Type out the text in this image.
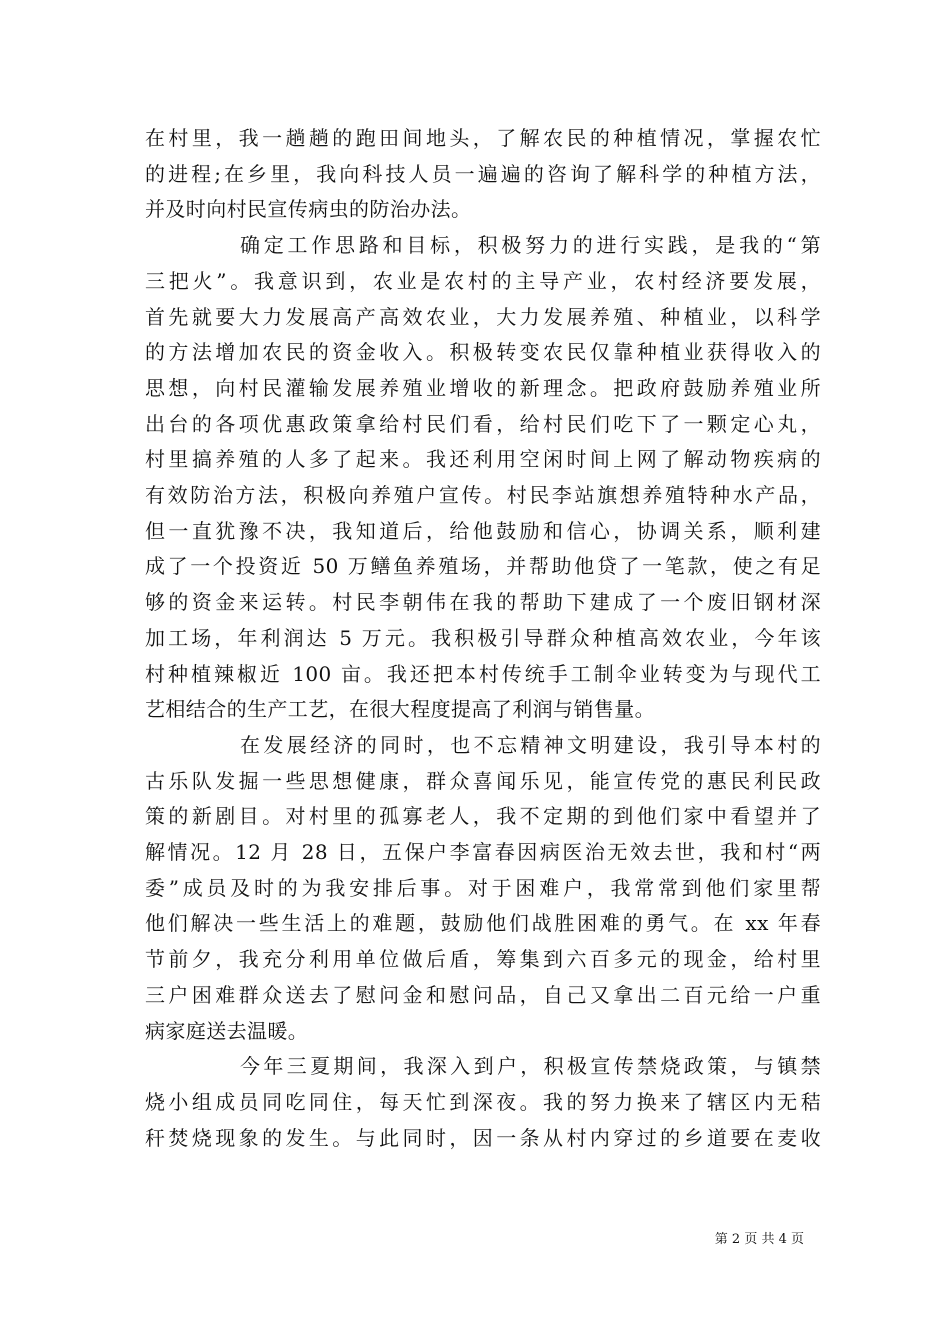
在村里，我一趟趟的跑田间地头，了解农民的种植情况，掌握农忙
的进程;在乡里，我向科技人员一遍遍的咨询了解科学的种植方法，
并及时向村民宣传病虫的防治办法。

确定工作思路和目标，积极努力的进行实践，是我的“第
三把火”。我意识到，农业是农村的主导产业，农村经济要发展，
首先就要大力发展高产高效农业，大力发展养殖、种植业，以科学
的方法增加农民的资金收入。积极转变农民仅靠种植业获得收入的
思想，向村民灌输发展养殖业增收的新理念。把政府鼓励养殖业所
出台的各项优惠政策拿给村民们看，给村民们吃下了一颗定心丸，
村里搞养殖的人多了起来。我还利用空闲时间上网了解动物疾病的
有效防治方法，积极向养殖户宣传。村民李站旗想养殖特种水产品，
但一直犹豫不决，我知道后，给他鼓励和信心，协调关系，顺利建
成了一个投资近 50 万鳝鱼养殖场，并帮助他贷了一笔款，使之有足
够的资金来运转。村民李朝伟在我的帮助下建成了一个废旧钢材深
加工场，年利润达 5 万元。我积极引导群众种植高效农业，今年该
村种植辣椒近 100 亩。我还把本村传统手工制伞业转变为与现代工
艺相结合的生产工艺，在很大程度提高了利润与销售量。

在发展经济的同时，也不忘精神文明建设，我引导本村的
古乐队发掘一些思想健康，群众喜闻乐见，能宣传党的惠民利民政
策的新剧目。对村里的孤寡老人，我不定期的到他们家中看望并了
解情况。12 月 28 日，五保户李富春因病医治无效去世，我和村“两
委”成员及时的为我安排后事。对于困难户，我常常到他们家里帮
他们解决一些生活上的难题，鼓励他们战胜困难的勇气。在 xx 年春
节前夕，我充分利用单位做后盾，筹集到六百多元的现金，给村里
三户困难群众送去了慰问金和慰问品，自己又拿出二百元给一户重
病家庭送去温暖。

今年三夏期间，我深入到户，积极宣传禁烧政策，与镇禁
烧小组成员同吃同住，每天忙到深夜。我的努力换来了辖区内无秸
秆焚烧现象的发生。与此同时，因一条从村内穿过的乡道要在麦收

第 2 页 共 4 页
